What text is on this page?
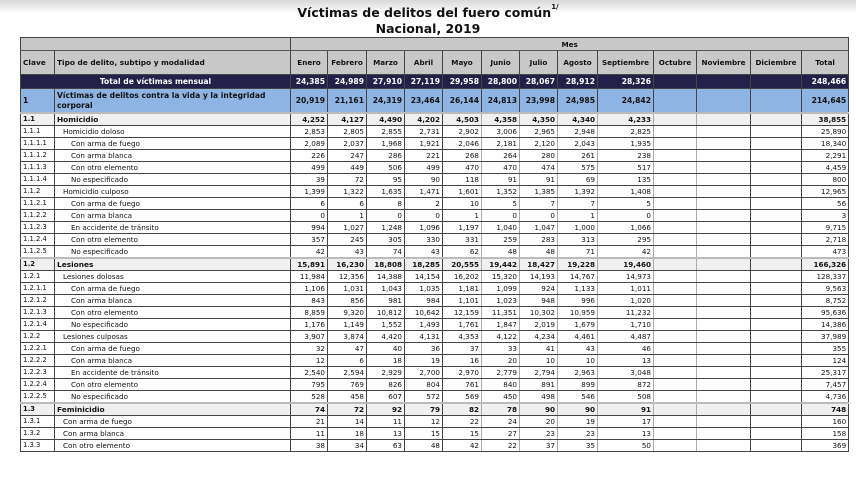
Víctimas de delitos del fuero común$^{1/}$
Nacional, 2019
		Mes												
Clave	Tipo de delito, subtipo y modalidad	Enero	Febrero	Marzo	Abril	Mayo	Junio	Julio	Agosto	Septiembre	Octubre	Noviembre	Diciembre	Total
Total de víctimas mensual		24,385	24,989	27,910	27,119	29,958	28,800	28,067	28,912	28,326				248,466
1	Víctimas de delitos contra la vida y la integridad corporal	20,919	21,161	24,319	23,464	26,144	24,813	23,998	24,985	24,842				214,645
1.1	Homicidio	4,252	4,127	4,490	4,202	4,503	4,358	4,350	4,340	4,233				38,855
1.1.1	Homicidio doloso	2,853	2,805	2,855	2,731	2,902	3,006	2,965	2,948	2,825				25,890
1.1.1.1	Con arma de fuego	2,089	2,037	1,968	1,921	2,046	2,181	2,120	2,043	1,935				18,340
1.1.1.2	Con arma blanca	226	247	286	221	268	264	280	261	238				2,291
1.1.1.3	Con otro elemento	499	449	506	499	470	470	474	575	517				4,459
1.1.1.4	No especificado	39	72	95	90	118	91	91	69	135				800
1.1.2	Homicidio culposo	1,399	1,322	1,635	1,471	1,601	1,352	1,385	1,392	1,408				12,965
1.1.2.1	Con arma de fuego	6	6	8	2	10	5	7	7	5				56
1.1.2.2	Con arma blanca	0	1	0	0	1	0	0	1	0				3
1.1.2.3	En accidente de tránsito	994	1,027	1,248	1,096	1,197	1,040	1,047	1,000	1,066				9,715
1.1.2.4	Con otro elemento	357	245	305	330	331	259	283	313	295				2,718
1.1.2.5	No especificado	42	43	74	43	62	48	48	71	42				473
1.2	Lesiones	15,891	16,230	18,808	18,285	20,555	19,442	18,427	19,228	19,460				166,326
1.2.1	Lesiones dolosas	11,984	12,356	14,388	14,154	16,202	15,320	14,193	14,767	14,973				128,337
1.2.1.1	Con arma de fuego	1,106	1,031	1,043	1,035	1,181	1,099	924	1,133	1,011				9,563
1.2.1.2	Con arma blanca	843	856	981	984	1,101	1,023	948	996	1,020				8,752
1.2.1.3	Con otro elemento	8,859	9,320	10,812	10,642	12,159	11,351	10,302	10,959	11,232				95,636
1.2.1.4	No especificado	1,176	1,149	1,552	1,493	1,761	1,847	2,019	1,679	1,710				14,386
1.2.2	Lesiones culposas	3,907	3,874	4,420	4,131	4,353	4,122	4,234	4,461	4,487				37,989
1.2.2.1	Con arma de fuego	32	47	40	36	37	33	41	43	46				355
1.2.2.2	Con arma blanca	12	6	18	19	16	20	10	10	13				124
1.2.2.3	En accidente de tránsito	2,540	2,594	2,929	2,700	2,970	2,779	2,794	2,963	3,048				25,317
1.2.2.4	Con otro elemento	795	769	826	804	761	840	891	899	872				7,457
1.2.2.5	No especificado	528	458	607	572	569	450	498	546	508				4,736
1.3	Feminicidio	74	72	92	79	82	78	90	90	91				748
1.3.1	Con arma de fuego	21	14	11	12	22	24	20	19	17				160
1.3.2	Con arma blanca	11	18	13	15	15	27	23	23	13				158
1.3.3	Con otro elemento	38	34	63	48	42	22	37	35	50				369
